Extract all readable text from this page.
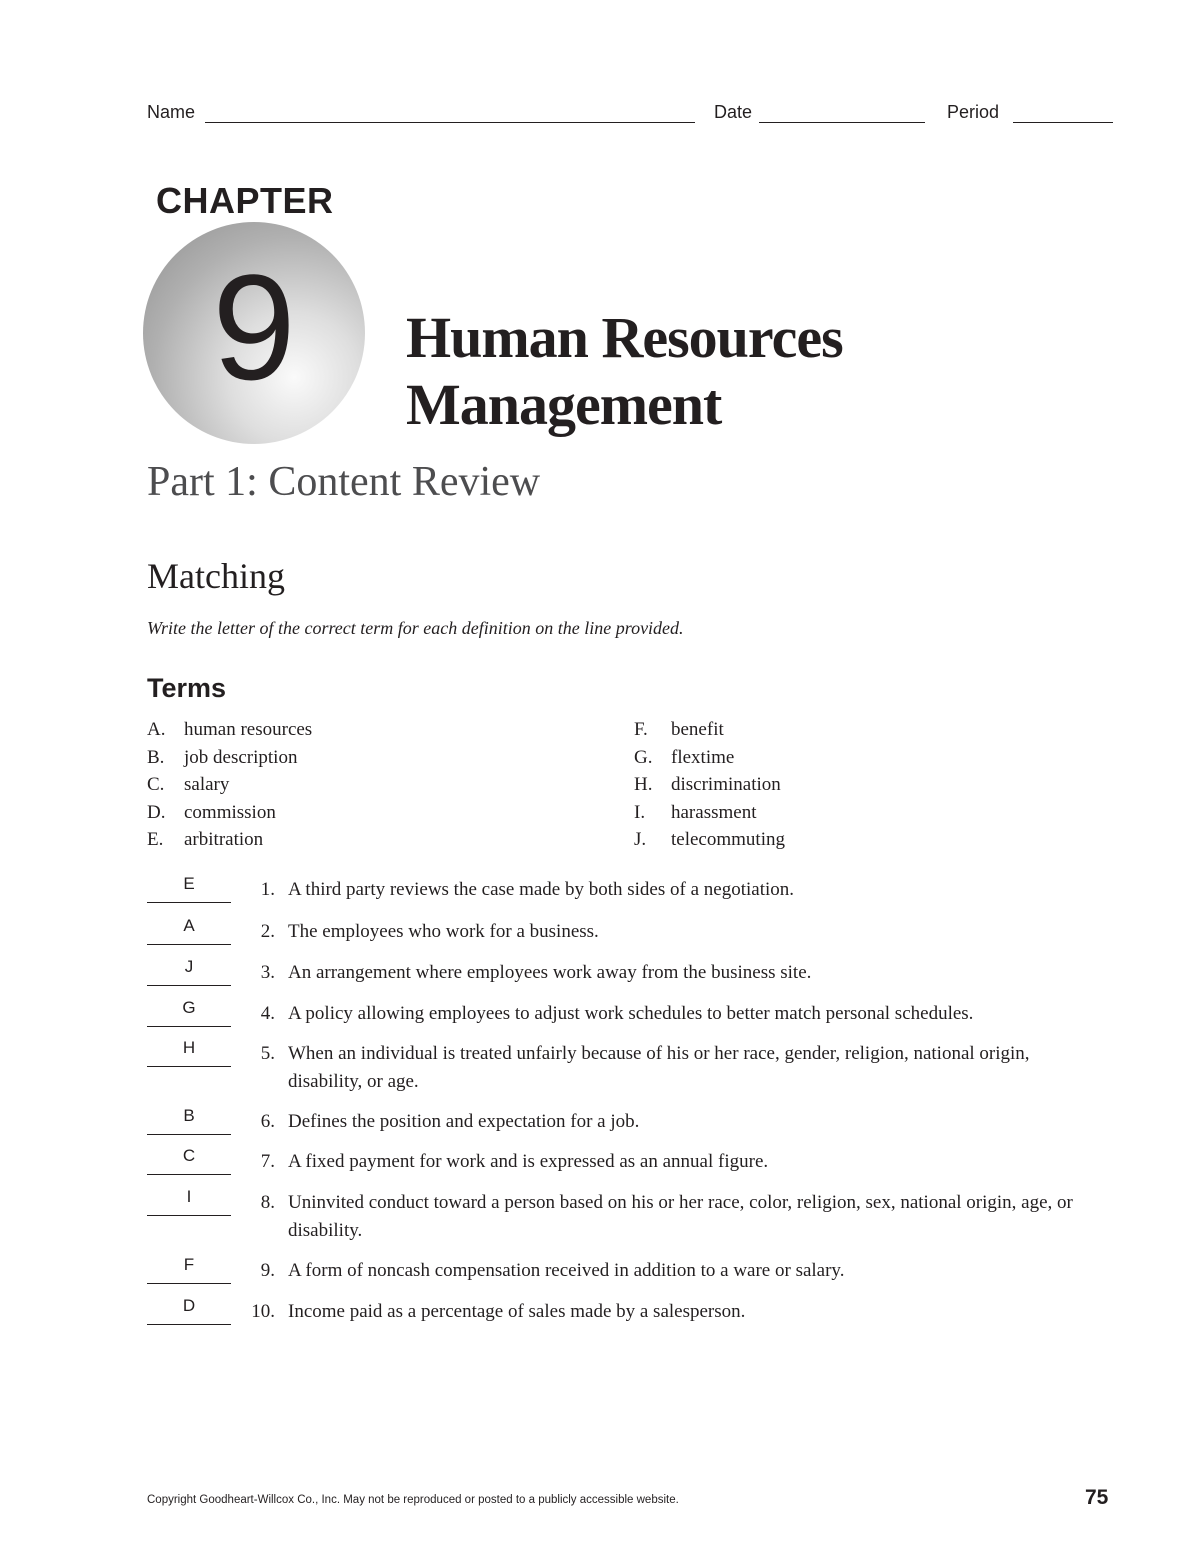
Name	Date	Period
CHAPTER
9	Human Resources
Management
Part 1: Content Review
Matching
Write the letter of the correct term for each definition on the line provided.
Terms
A. human resources
B. job description
C. salary
D. commission
E. arbitration
F. benefit
G. flextime
H. discrimination
I. harassment
J. telecommuting
E	1. A third party reviews the case made by both sides of a negotiation.
A	2. The employees who work for a business.
J	3. An arrangement where employees work away from the business site.
G	4. A policy allowing employees to adjust work schedules to better match personal schedules.
H	5. When an individual is treated unfairly because of his or her race, gender, religion, national origin, disability, or age.
B	6. Defines the position and expectation for a job.
C	7. A fixed payment for work and is expressed as an annual figure.
I	8. Uninvited conduct toward a person based on his or her race, color, religion, sex, national origin, age, or disability.
F	9. A form of noncash compensation received in addition to a ware or salary.
D	10. Income paid as a percentage of sales made by a salesperson.
Copyright Goodheart-Willcox Co., Inc. May not be reproduced or posted to a publicly accessible website.	75
